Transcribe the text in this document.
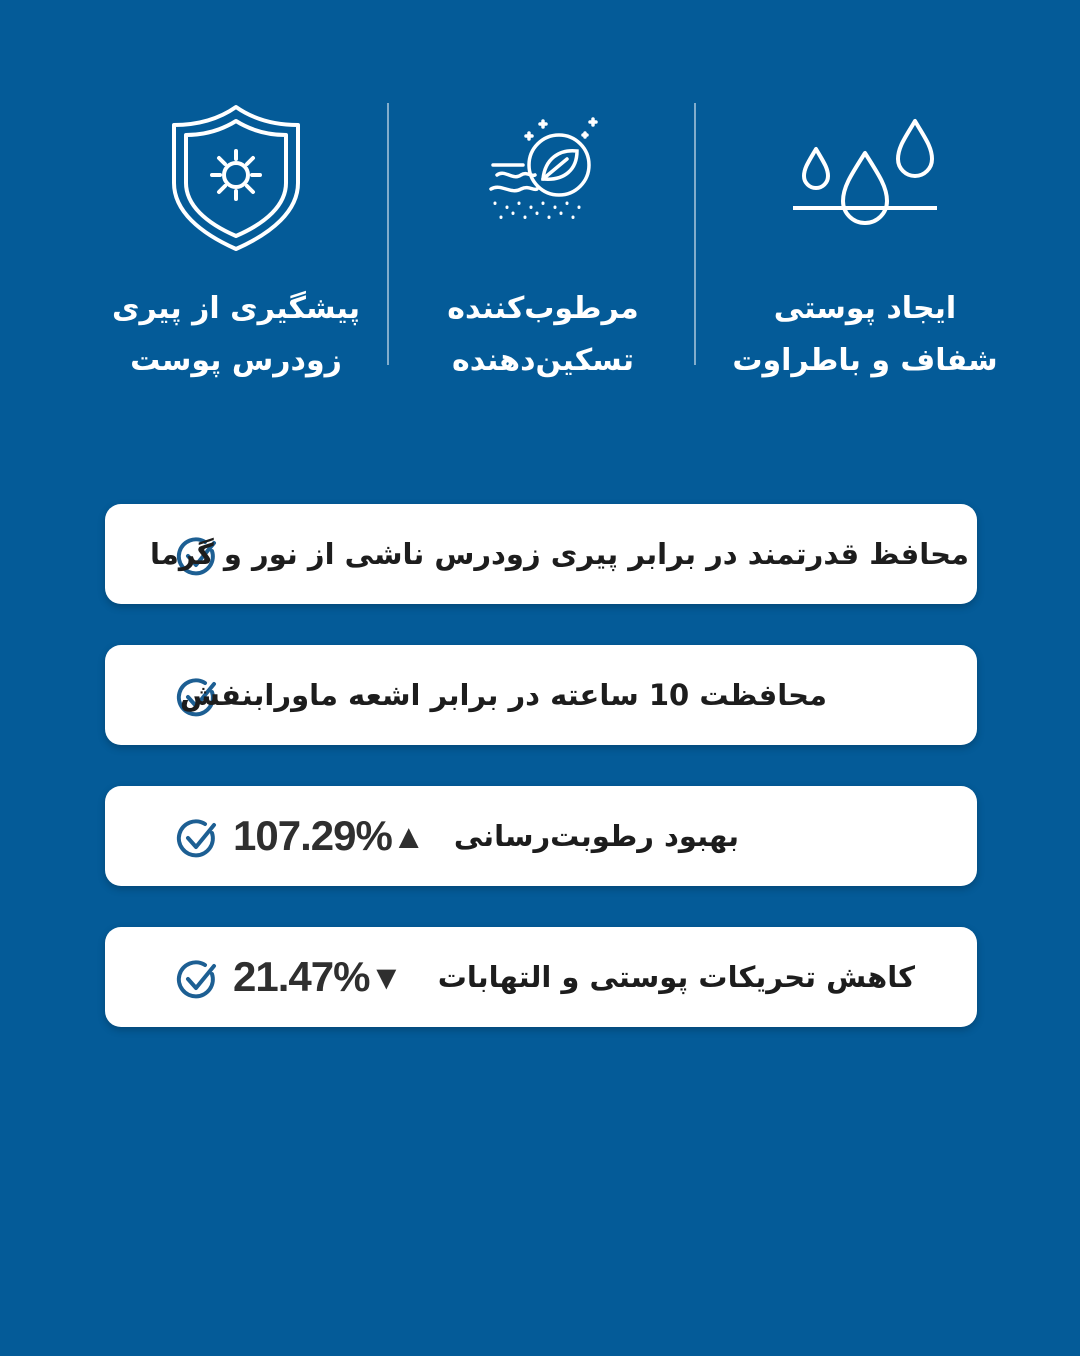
ایجاد پوستی
شفاف و باطراوت
مرطوب‌کننده
تسکین‌دهنده
پیشگیری از پیری
زودرس پوست
محافظ قدرتمند در برابر پیری زودرس ناشی از نور و گرما
محافظت 10 ساعته در برابر اشعه ماورابنفش
107.29%▲ بهبود رطوبت‌رسانی
21.47%▼ کاهش تحریکات پوستی و التهابات
